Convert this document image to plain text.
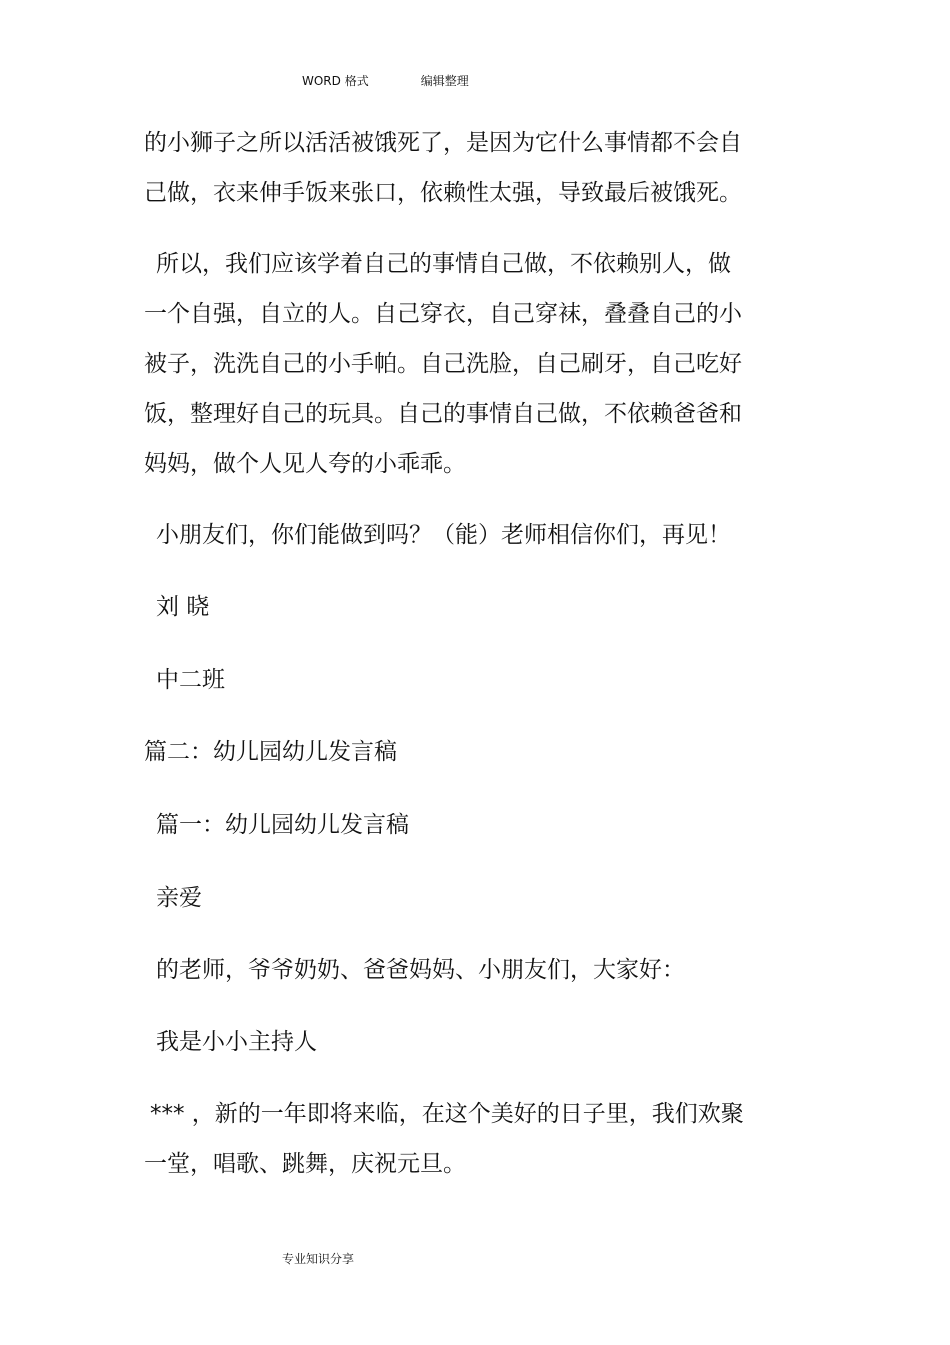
WORD 格式	编辑整理
的小狮子之所以活活被饿死了，是因为它什么事情都不会自
己做，衣来伸手饭来张口，依赖性太强，导致最后被饿死。
所以，我们应该学着自己的事情自己做，不依赖别人，做
一个自强，自立的人。自己穿衣，自己穿袜，叠叠自己的小
被子，洗洗自己的小手帕。自己洗脸，自己刷牙，自己吃好
饭，整理好自己的玩具。自己的事情自己做，不依赖爸爸和
妈妈，做个人见人夸的小乖乖。
小朋友们，你们能做到吗？（能）老师相信你们，再见！
刘 晓
中二班
篇二：幼儿园幼儿发言稿
篇一：幼儿园幼儿发言稿
亲爱
的老师，爷爷奶奶、爸爸妈妈、小朋友们，大家好：
我是小小主持人
*** ，新的一年即将来临，在这个美好的日子里，我们欢聚
一堂，唱歌、跳舞，庆祝元旦。
专业知识分享
